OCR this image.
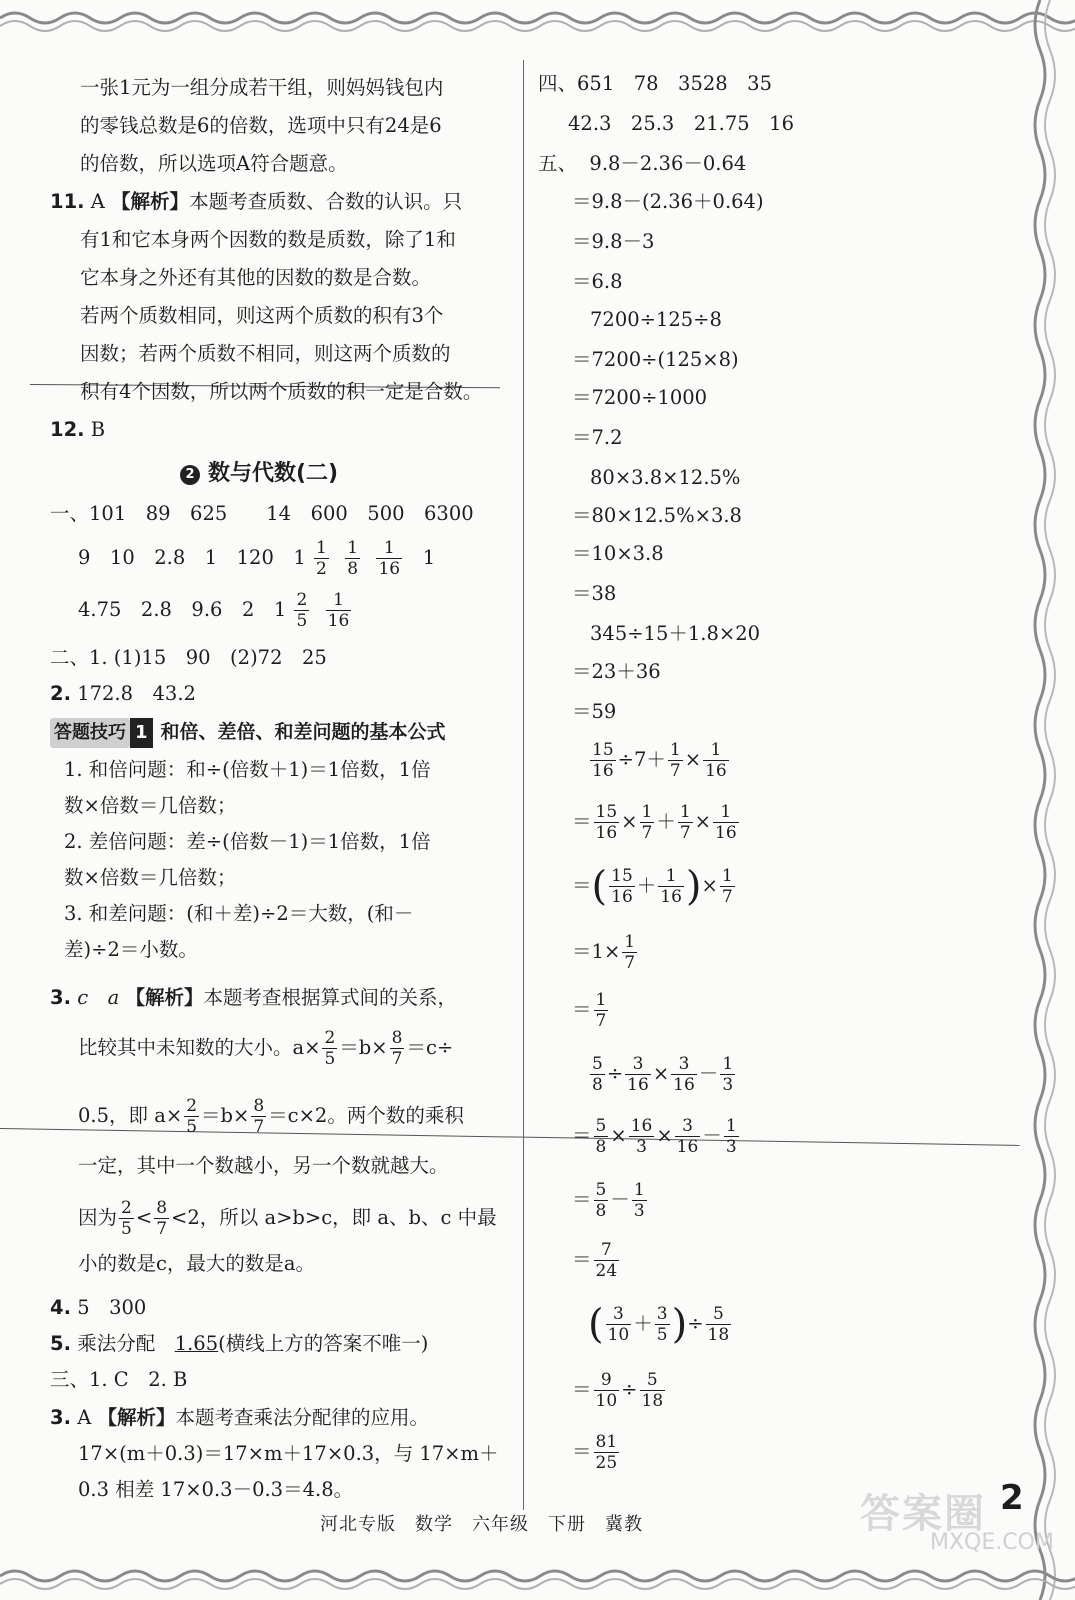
一张1元为一组分成若干组，则妈妈钱包内
的零钱总数是6的倍数，选项中只有24是6
的倍数，所以选项A符合题意。
11. A 【解析】本题考查质数、合数的认识。只
有1和它本身两个因数的数是质数，除了1和
它本身之外还有其他的因数的数是合数。
若两个质数相同，则这两个质数的积有3个
因数；若两个质数不相同，则这两个质数的
积有4个因数，所以两个质数的积一定是合数。
12. B
2 数与代数(二)
一、101　89　625　　14　600　500　6300
9　10　2.8　1　120　$1 \frac{1}{2}$
$\frac{1}{8}$
$\frac{1}{16} 1$
4.75　2.8　9.6　2　$1 \frac{2}{5}$
$\frac{1}{16}$
二、1. (1)15　90　(2)72　25
2. 172.8　43.2
答题技巧 1 和倍、差倍、和差问题的基本公式
1. 和倍问题：和÷(倍数＋1)＝1倍数，1倍
数×倍数＝几倍数；
2. 差倍问题：差÷(倍数－1)＝1倍数，1倍
数×倍数＝几倍数；
3. 和差问题：(和＋差)÷2＝大数，(和－
差)÷2＝小数。
3. c　a 【解析】本题考查根据算式间的关系，
比较其中未知数的大小。$a\times \frac{2}{5} =b\times \frac{8}{7} =c\div$
0.5，即 $a\times \frac{2}{5} =b\times \frac{8}{7} =c\times 2$。两个数的乘积
一定，其中一个数越小，另一个数就越大。
因为 $\frac{2}{5} < \frac{8}{7} <2$，所以 a>b>c，即 a、b、c 中最
小的数是c，最大的数是a。
4. 5　300
5. 乘法分配　1.65(横线上方的答案不唯一)
三、1. C　2. B
3. A 【解析】本题考查乘法分配律的应用。
17×(m＋0.3)＝17×m＋17×0.3，与 17×m＋
0.3 相差 17×0.3－0.3＝4.8。
四、651　78　3528　35
42.3　25.3　21.75　16
五、 9.8－2.36－0.64
＝9.8－(2.36＋0.64)
＝9.8－3
＝6.8
7200÷125÷8
＝7200÷(125×8)
＝7200÷1000
＝7.2
80×3.8×12.5%
＝80×12.5%×3.8
＝10×3.8
＝38
345÷15＋1.8×20
＝23＋36
＝59
$\frac{15}{16} \div 7+ \frac{1}{7} \times \frac{1}{16}$
＝ $\frac{15}{16} \times \frac{1}{7} + \frac{1}{7} \times \frac{1}{16}$
＝( $\frac{15}{16} + \frac{1}{16}$ )× $\frac{1}{7}$
$=1\times \frac{1}{7}$
＝ $\frac{1}{7}$
$\frac{5}{8} \div \frac{3}{16} \times \frac{3}{16} - \frac{1}{3}$
＝ $\frac{5}{8} \times \frac{16}{3} \times \frac{3}{16} - \frac{1}{3}$
＝ $\frac{5}{8} - \frac{1}{3}$
＝ $\frac{7}{24}$
( $\frac{3}{10} + \frac{3}{5}$ )÷ $\frac{5}{18}$
＝ $\frac{9}{10} \div \frac{5}{18}$
＝ $\frac{81}{25}$
河北专版　数学　六年级　下册　冀教	答案圈
MXQE.COM
2
